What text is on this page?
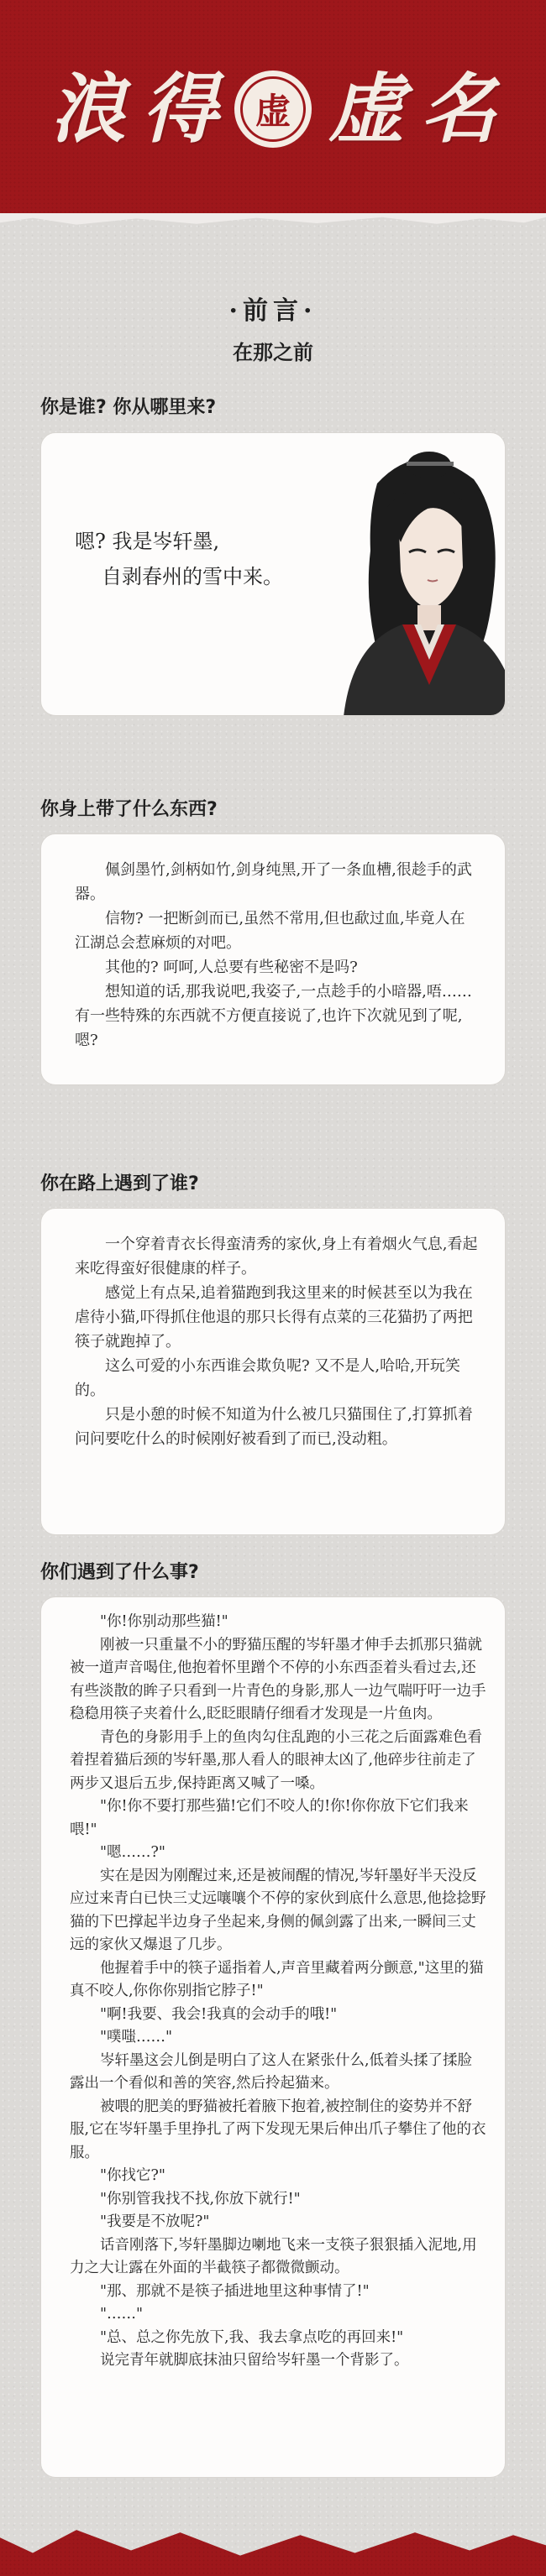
浪 得	虚 虚 名
·前言·
在那之前
你是谁? 你从哪里来?
嗯? 我是岑轩墨,
自剥春州的雪中来。
你身上带了什么东西?

佩剑墨竹,剑柄如竹,剑身纯黑,开了一条血槽,很趁手的武器。

信物? 一把断剑而已,虽然不常用,但也歃过血,毕竟人在江湖总会惹麻烦的对吧。

其他的? 呵呵,人总要有些秘密不是吗?

想知道的话,那我说吧,我姿子,一点趁手的小暗器,唔……有一些特殊的东西就不方便直接说了,也许下次就见到了呢,嗯?

你在路上遇到了谁?

一个穿着青衣长得蛮清秀的家伙,身上有着烟火气息,看起来吃得蛮好很健康的样子。

感觉上有点呆,追着猫跑到我这里来的时候甚至以为我在虐待小猫,吓得抓住他退的那只长得有点菜的三花猫扔了两把筷子就跑掉了。

这么可爱的小东西谁会欺负呢? 又不是人,哈哈,开玩笑的。

只是小憩的时候不知道为什么被几只猫围住了,打算抓着问问要吃什么的时候刚好被看到了而已,没动粗。

你们遇到了什么事?

"你!你别动那些猫!"

刚被一只重量不小的野猫压醒的岑轩墨才伸手去抓那只猫就被一道声音喝住,他抱着怀里蹭个不停的小东西歪着头看过去,还有些淡散的眸子只看到一片青色的身影,那人一边气喘吁吁一边手稳稳用筷子夹着什么,眨眨眼睛仔细看才发现是一片鱼肉。

青色的身影用手上的鱼肉勾住乱跑的小三花之后面露难色看着捏着猫后颈的岑轩墨,那人看人的眼神太凶了,他碎步往前走了两步又退后五步,保持距离又喊了一嗓。

"你!你不要打那些猫!它们不咬人的!你!你你放下它们我来喂!"

"嗯……?"

实在是因为刚醒过来,还是被闹醒的情况,岑轩墨好半天没反应过来青白已快三丈远嚷嚷个不停的家伙到底什么意思,他捻捻野猫的下巴撑起半边身子坐起来,身侧的佩剑露了出来,一瞬间三丈远的家伙又爆退了几步。

他握着手中的筷子遥指着人,声音里藏着两分颤意,"这里的猫真不咬人,你你你别指它脖子!"

"啊!我要、我会!我真的会动手的哦!"

"噗嗤……"

岑轩墨这会儿倒是明白了这人在紧张什么,低着头揉了揉脸露出一个看似和善的笑容,然后拎起猫来。

被喂的肥美的野猫被托着腋下抱着,被控制住的姿势并不舒服,它在岑轩墨手里挣扎了两下发现无果后伸出爪子攀住了他的衣服。

"你找它?"

"你别管我找不找,你放下就行!"

"我要是不放呢?"

话音刚落下,岑轩墨脚边喇地飞来一支筷子狠狠插入泥地,用力之大让露在外面的半截筷子都微微颤动。

"那、那就不是筷子插进地里这种事情了!"

"……"

"总、总之你先放下,我、我去拿点吃的再回来!"

说完青年就脚底抹油只留给岑轩墨一个背影了。
